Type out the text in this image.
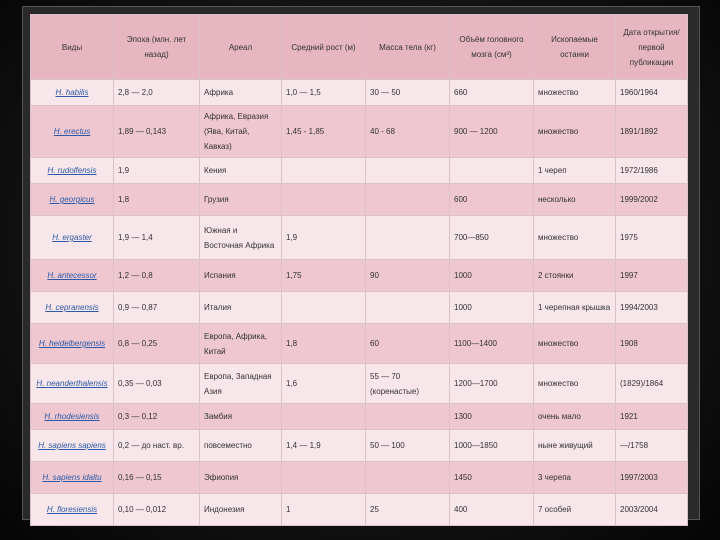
Виды	Эпоха (млн. лет назад)	Ареал	Средний рост (м)	Масса тела (кг)	Объём головного мозга (см³)	Ископаемые останки	Дата открытия/первой публикации
H. habilis	2,8 — 2,0	Африка	1,0 — 1,5	30 — 50	660	множество	1960/1964
H. erectus	1,89 — 0,143	Африка, Евразия (Ява, Китай, Кавказ)	1,45 - 1,85	40 - 68	900 — 1200	множество	1891/1892
H. rudolfensis	1,9	Кения				1 череп	1972/1986
H. georgicus	1,8	Грузия			600	несколько	1999/2002
H. ergaster	1,9 — 1,4	Южная и Восточная Африка	1,9		700—850	множество	1975
H. antecessor	1,2 — 0,8	Испания	1,75	90	1000	2 стоянки	1997
H. cepranensis	0,9 — 0,87	Италия			1000	1 черепная крышка	1994/2003
H. heidelbergensis	0,8 — 0,25	Европа, Африка, Китай	1,8	60	1100—1400	множество	1908
H. neanderthalensis	0,35 — 0,03	Европа, Западная Азия	1,6	55 — 70 (коренастые)	1200—1700	множество	(1829)/1864
H. rhodesiensis	0,3 — 0,12	Замбия			1300	очень мало	1921
H. sapiens sapiens	0,2 — до наст. вр.	повсеместно	1,4 — 1,9	50 — 100	1000—1850	ныне живущий	—/1758
H. sapiens idaltu	0,16 — 0,15	Эфиопия			1450	3 черепа	1997/2003
H. floresiensis	0,10 — 0,012	Индонезия	1	25	400	7 особей	2003/2004
